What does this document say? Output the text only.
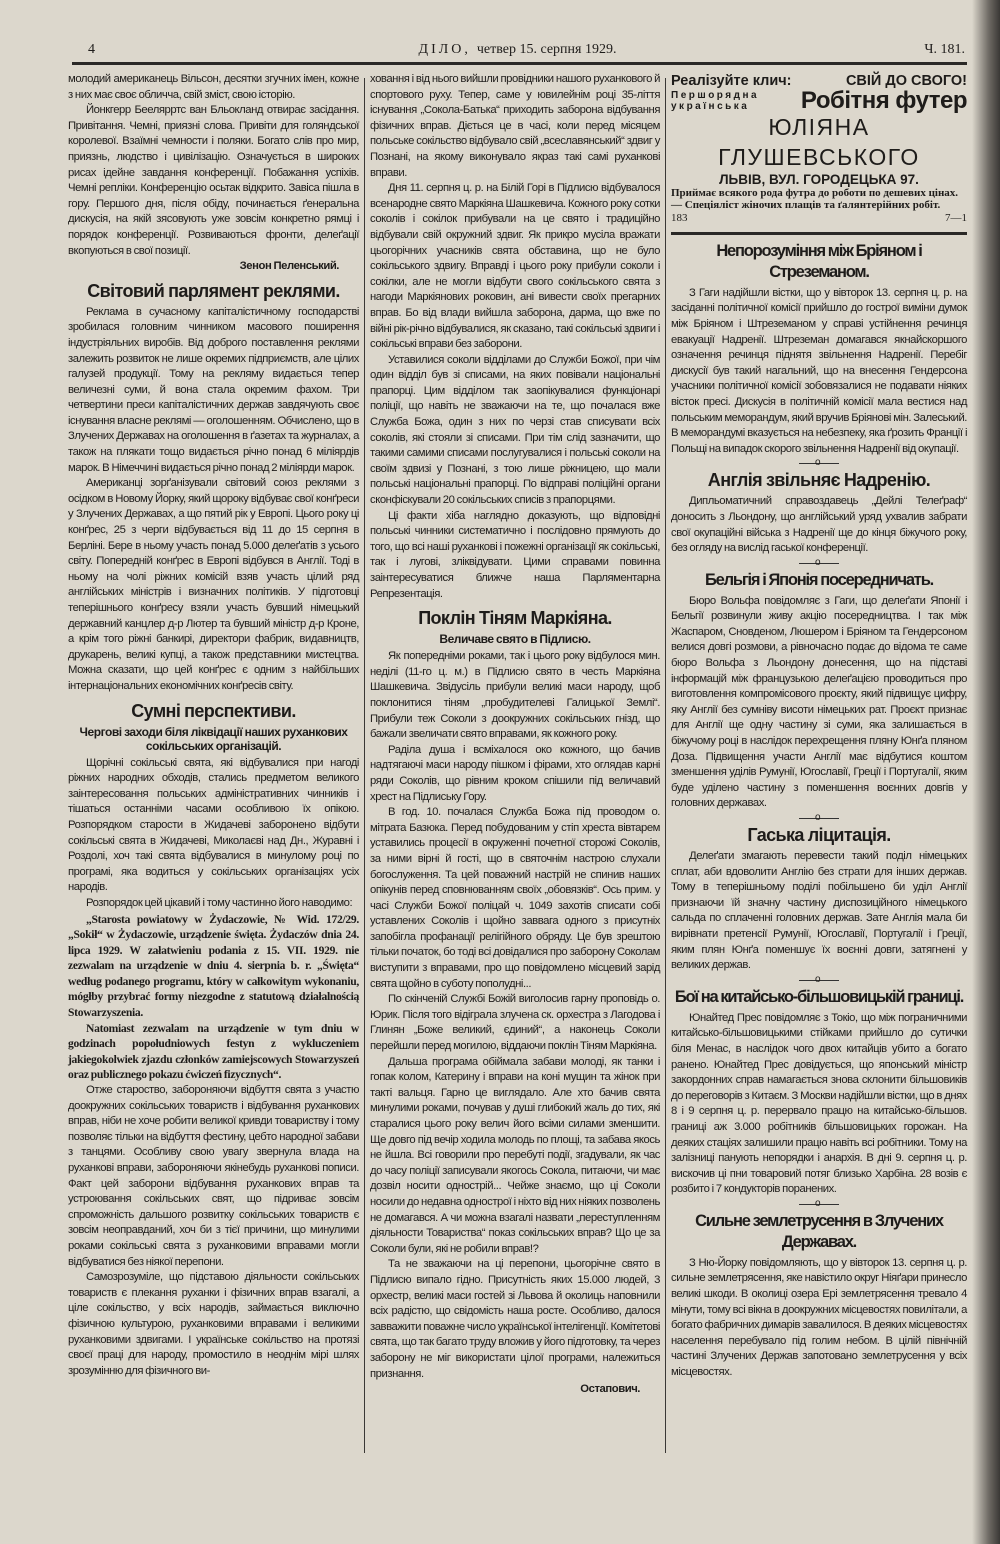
4	ДІЛО, четвер 15. серпня 1929.	Ч. 181.

молодий американець Вільсон, десятки згучних імен, кожне з них має своє обличча, свій зміст, свою історію.

Йонкгерр Беелярртс ван Бльокланд отвирає засідання. Привітання. Чемні, приязні слова. Привіти для голяндської королевої. Взаїмні чемности і поляки. Богато слів про мир, приязнь, людство і цивілізацію. Означується в широких рисах ідейне завдання конференції. Побажання успіхів. Чемні репліки. Конференцію осьтак відкрито. Завіса пішла в гору. Першого дня, після обіду, починається ґенеральна дискусія, на якій зясовують уже зовсім конкретно рямці і порядок конференції. Розвиваються фронти, делеґації вкопуються в свої позиції.

Зенон Пеленський.
Світовий парлямент реклями.

Реклама в сучасному капіталістичному господарстві зробилася головним чинником масового поширення індустріяльних виробів. Від доброго поставлення реклями залежить розвиток не лише окремих підприємств, але цілих галузей продукції. Тому на реклямy видається тепер величезні суми, й вона стала окремим фахом. Три четвертини преси капіталістичних держав завдячують своє існування власне реклямі — оголошенням. Обчислено, що в Злучених Державах на оголошення в ґазетах та журналах, а також на плякати тощо видається річно понад 6 міліярдів марок. В Німеччині видається річно понад 2 міліярди марок.

Американці зорґанізували світовий союз реклями з осідком в Новому Йорку, який щороку відбуває свої конґреси у Злучених Державах, а що пятий рік у Европі. Цього року ці конґрес, 25 з черги відбувається від 11 до 15 серпня в Берліні. Бере в ньому участь понад 5.000 делеґатів з усього світу. Попередній конґрес в Европі відбувся в Англії. Тоді в ньому на чолі ріжних комісій взяв участь цілий ряд англійських міністрів і визначних політиків. У підготовці теперішнього конґресу взяли участь бувший німецький державний канцлер д-р Лютер та бувший міністр д-р Кроне, а крім того ріжні банкирі, директори фабрик, видавництв, друкарень, великі купці, а також представники мистецтва. Можна сказати, що цей конґрес є одним з найбільших інтернаціональних економічних конґресів світу.

Сумні перспективи.
Чергові заходи біля ліквідації наших руханкових сокільських організацій.

Щорічні сокільські свята, які відбувалися при нагоді ріжних народних обходів, стались предметом великого заінтересовання польських адміністративних чинників і тішаться останніми часами особливою їх опікою. Розпорядком старости в Жидачеві заборонено відбути сокільські свята в Жидачеві, Миколаєві над Дн., Журавні і Роздолі, хоч такі свята відбувалися в минулому році по програмі, яка водиться у сокільських організаціях усіх народів.

Розпорядок цей цікавий і тому частинно його наводимо:

„Starosta powiatowy w Żydaczowie, № Wid. 172/29. „Sokił“ w Żydaczowie, urządzenie święta. Żydaczów dnia 24. lipca 1929. W załatwieniu podania z 15. VII. 1929. nie zezwalam na urządzenie w dniu 4. sierpnia b. r. „Święta“ według podanego programu, który w całkowitym wykonaniu, mógłby przybrać formy niezgodne z statutową działalnością Stowarzyszenia.

Natomiast zezwalam na urządzenie w tym dniu w godzinach popołudniowych festyn z wykluczeniem jakiegokolwiek zjazdu członków zamiejscowych Stowarzyszeń oraz publicznego pokazu ćwiczeń fizycznych“.

Отже староство, забороняючи відбуття свята з участю доокружних сокільських товариств і відбування руханкових вправ, ніби не хоче робити великої кривди товариству і тому позволяє тільки на відбуття фестину, цебто народної забави з танцями. Особливу свою увагу звернула влада на руханкові вправи, забороняючи якінебудь руханкові пописи. Факт цей заборони відбування руханкових вправ та устроювання сокільських свят, що підриває зовсім спроможність дальшого розвитку сокільських товариств є зовсім неоправданий, хоч би з тієї причини, що минулими роками сокільські свята з руханковими вправами могли відбуватися без ніякої перепони.

Самозрозуміле, що підставою діяльности сокільських товариств є плекання руханки і фізичних вправ взагалі, а ціле сокільство, у всіх народів, займається виключно фізичною культурою, руханковими вправами і великими руханковими здвигами. І українське сокільство на протязі своєї праці для народу, промостило в неоднім мірі шлях зрозумінню для фізичного ви-

ховання і від нього вийшли провідники нашого руханкового й спортового руху. Тепер, саме у ювилейнім році 35-ліття існування „Сокола-Батька“ приходить заборона відбування фізичних вправ. Діється це в часі, коли перед місяцем польське сокільство відбувало свій „всеславянський“ здвиг у Познані, на якому виконувало якраз такі самі руханкові вправи.

Дня 11. серпня ц. р. на Білій Горі в Підлисю відбувалося всенародне свято Маркіяна Шашкевича. Кожного року сотки соколів і сокілок прибували на це свято і традиційно відбували свій окружний здвиг. Як прикро мусіла вражати цьогорічних учасників свята обставина, що не було сокільського здвигу. Вправді і цього року прибули соколи і сокілки, але не могли відбути свого сокільського свята з нагоди Маркіянових роковин, ані вивести своїх прегарних вправ. Бо від влади вийшла заборона, дарма, що вже по війні рік-річно відбувалися, як сказано, такі сокільські здвиги і сокільські вправи без заборони.

Уставилися соколи відділами до Служби Божої, при чім один відділ був зі списами, на яких повівали національні прапорці. Цим відділом так заопікувалися функціонарі поліції, що навіть не зважаючи на те, що почалася вже Служба Божа, один з них по черзі став списувати всіх соколів, які стояли зі списами. При тім слід зазначити, що такими самими списами послугувалися і польські соколи на своїм здвизі у Познані, з тою лише ріжницею, що мали польські національні прапорці. По відправі поліційні органи сконфіскували 20 сокільських списів з прапорцями.

Ці факти хіба наглядно доказують, що відповідні польські чинники систематично і послідовно прямують до того, що всі наші руханкові і пожежні організації як сокільські, так і лугові, зліквідувати. Цими справами повинна заінтересуватися ближче наша Парляментарна Репрезентація.

Поклін Тіням Маркіяна.
Величаве свято в Підлисю.

Як попередніми роками, так і цього року відбулося мин. неділі (11-го ц. м.) в Підлисю свято в честь Маркіяна Шашкевича. Звідусіль прибули великі маси народу, щоб поклонитися тіням „пробудителеві Галицької Землі“. Прибули теж Соколи з доокружних сокільських гнізд, що бажали звеличати свято вправами, як кожного року.

Раділа душа і всміхалося око кожного, що бачив надтягаючі маси народу пішком і фірами, хто оглядав карні ряди Соколів, що рівним кроком спішили під величавий хрест на Підлиську Гору.

В год. 10. почалася Служба Божа під проводом о. мітрата Базюка. Перед побудованим у стіп хреста вівтарем уставились процесії в окруженні почетної сторожі Соколів, за ними вірні й гості, що в святочнім настрою слухали богослуження. Та цей поважний настрій не спинив наших опікунів перед сповнюванням своїх „обовязків“. Ось прим. у часі Служби Божої поліцай ч. 1049 захотів списати собі уставлених Соколів і щойно заввага одного з присутніх запобігла профанації релігійного обряду. Це був зрештою тільки початок, бо тоді всі довідалися про заборону Соколам виступити з вправами, про що повідомлено місцевий зарід свята щойно в суботу пополудні...

По скінченій Службі Божій виголосив гарну проповідь о. Юрик. Після того відіграла злучена ск. орхестра з Лагодова і Глинян „Боже великий, єдиний“, а наконець Соколи перейшли перед могилою, віддаючи поклін Тіням Маркіяна.

Дальша програма обіймала забави молоді, як танки і гопак колом, Катерину і вправи на коні мущин та жінок при такті вальця. Гарно це виглядало. Але хто бачив свята минулими роками, почував у душі глибокий жаль до тих, які старалися цього року велич його всіми силами зменшити. Ще довго під вечір ходила молодь по площі, та забава якось не йшла. Всі говорили про перебуті події, згадували, як час до часу поліції записували якогось Сокола, питаючи, чи має дозвіл носити однострій... Чейже знаємо, що ці Соколи носили до недавна однострої і ніхто від них ніяких позволень не домагався. А чи можна взагалі назвати „переступленням діяльности Товариства“ показ сокільських вправ? Що це за Соколи були, які не робили вправ!?

Та не зважаючи на ці перепони, цьогорічне свято в Підлисю випало гідно. Присутність яких 15.000 людей, 3 орхестр, великі маси гостей зі Львова й околиць наповнили всіх радістю, що свідомість наша росте. Особливо, далося завважити поважне число української інтелігенції. Комітетові свята, що так багато труду вложив у його підготовку, та через заборону не міг використати цілої програми, належиться признання.

Остапович.
Реалізуйте клич:	СВІЙ ДО СВОГО!
Першорядна
українська	Робітня футер
ЮЛІЯНА ГЛУШЕВСЬКОГО
ЛЬВІВ, ВУЛ. ГОРОДЕЦЬКА 97.
Приймає всякого рода футра до роботи по дешевих цінах. — Спеціяліст жіночих плащів та ґалянтерійних робіт.
183	7—1
Непорозуміння між Бріяном і Стреземаном.

З Гаги надійшли вістки, що у вівторок 13. серпня ц. р. на засіданні політичної комісії прийшло до гострої виміни думок між Бріяном і Штреземаном у справі устійнення речинця евакуації Надренії. Штреземан домагався якнайскоршого означення речинця піднятя звільнення Надренії. Перебіг дискусії був такий нагальний, що на внесення Гендерсона учасники політичної комісії зобовязалися не подавати ніяких вісток пресі. Дискусія в політичній комісії мала вестися над польським меморандум, який вручив Бріянові мін. Залеський. В меморандумі вказується на небезпеку, яка ґрозить Франції і Польщі на випадок скорого звільнення Надренії від окупації.

o
Англія звільняє Надренію.

Дипльоматичний справоздавець „Дейлі Телеґраф“ доносить з Льондону, що англійський уряд ухвалив забрати свої окупаційні війська з Надренії ще до кінця біжучого року, без огляду на вислід гаської конференції.

o
Бельгія і Японія посередничать.

Бюро Вольфа повідомляє з Гаги, що делеґати Японії і Бельгії розвинули живу акцію посередництва. І так між Жаспаром, Сновденом, Люшером і Бріяном та Гендерсоном велися довгі розмови, а рівночасно подає до відома те саме бюро Вольфа з Льондону донесення, що на підставі інформацій між французькою делеґацією проводиться про виготовлення компромісового проєкту, який підвищує цифру, яку Англії без сумніву висоти німецьких рат. Проєкт признає для Англії ще одну частину зі суми, яка залишається в біжучому році в наслідок перехрещення пляну Юнґа пляном Доза. Підвищення участи Англії має відбутися коштом зменшення уділів Румунії, Югославії, Греції і Португалії, яким буде уділено частину з поменшення воєнних довгів у головних державах.

o
Гаська ліцитація.

Делеґати змагають перевести такий поділ німецьких сплат, аби вдоволити Англію без страти для інших держав. Тому в теперішньому поділі побільшено би уділ Англії признаючи їй значну частину диспозиційного німецького сальда по сплаченні головних держав. Зате Англія мала би вирівнати претенсії Румунії, Югославії, Португалії і Греції, яким плян Юнґа поменшує їх воєнні довги, затягнені у великих держав.

o
Бої на китайсько-більшовицькій границі.

Юнайтед Прес повідомляє з Токіо, що між пограничними китайсько-більшовицькими стійками прийшло до сутички біля Менас, в наслідок чого двох китайців убито а богато ранено. Юнайтед Прес довідується, що японський міністр закордонних справ намагається знова склонити більшовиків до переговорів з Китаєм. З Москви надійшли вістки, що в днях 8 і 9 серпня ц. р. перервало працю на китайсько-більшов. границі аж 3.000 робітників більшовицьких горожан. На деяких стаціях залишили працю навіть всі робітники. Тому на залізниці панують непорядки і анархія. В дні 9. серпня ц. р. вискочив ці пни товаровий потяг близько Харбіна. 28 возів є розбито і 7 кондукторів поранених.

o
Сильне землетрусення в Злучених Державах.

З Ню-Йорку повідомляють, що у вівторок 13. серпня ц. р. сильне землетрясення, яке навістило округ Ніяґари принесло великі шкоди. В околиці озера Ері землетрясення тревало 4 мінути, тому всі вікна в доокружних місцевостях повилітали, а богато фабричних димарів завалилося. В деяких місцевостях населення перебувало під голим небом. В цілій північній частині Злучених Держав запотовано землетрусення у всіх місцевостях.
